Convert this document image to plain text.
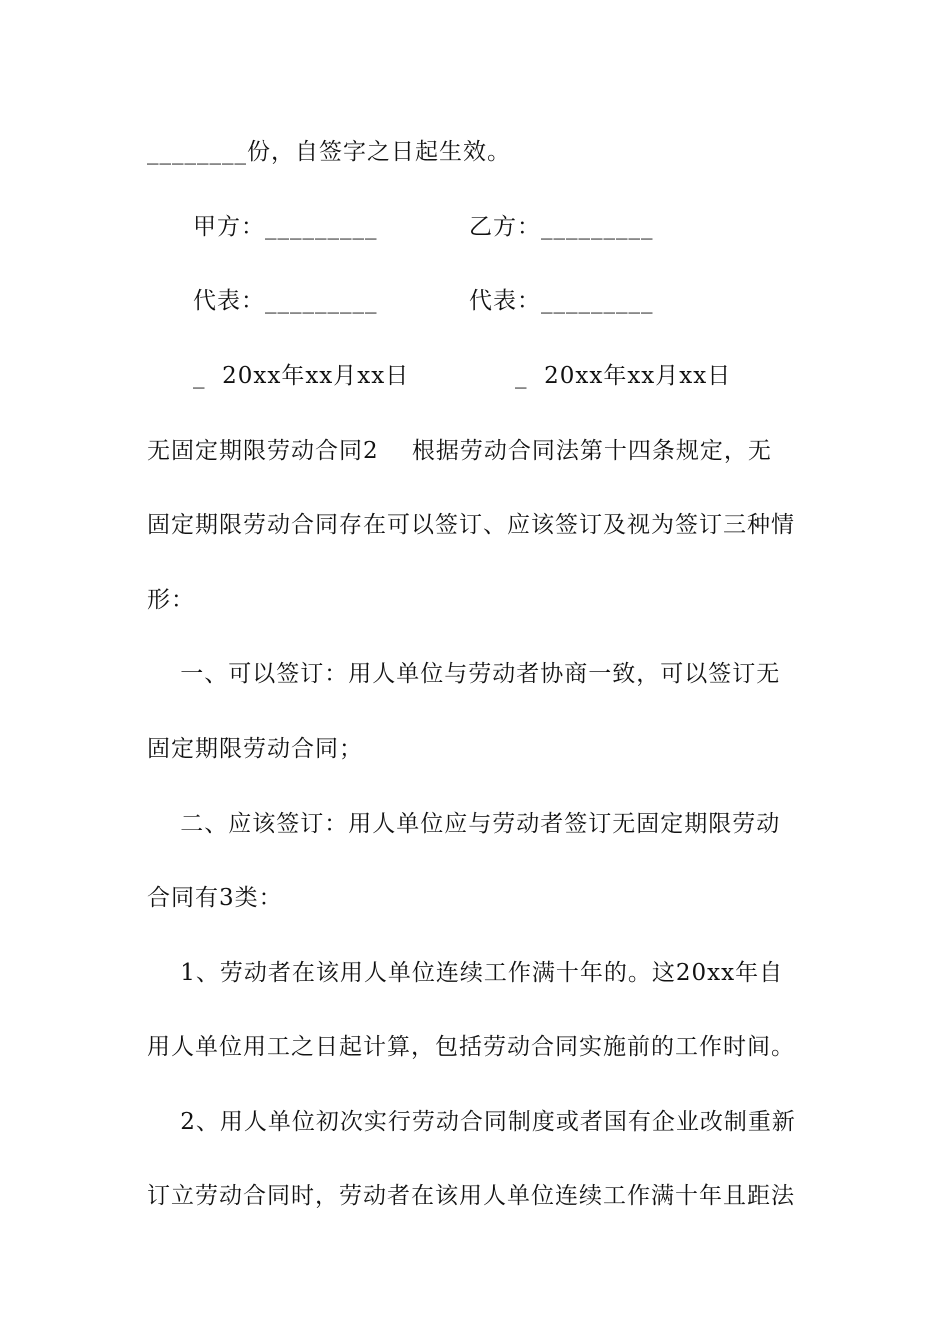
________份，自签字之日起生效。
甲方：_________	乙方：_________
代表：_________	代表：_________
_  20xx年xx月xx日	_  20xx年xx月xx日
无固定期限劳动合同2    根据劳动合同法第十四条规定，无
固定期限劳动合同存在可以签订、应该签订及视为签订三种情
形：
一、可以签订：用人单位与劳动者协商一致，可以签订无
固定期限劳动合同；
二、应该签订：用人单位应与劳动者签订无固定期限劳动
合同有3类：
1、劳动者在该用人单位连续工作满十年的。这20xx年自
用人单位用工之日起计算，包括劳动合同实施前的工作时间。
2、用人单位初次实行劳动合同制度或者国有企业改制重新
订立劳动合同时，劳动者在该用人单位连续工作满十年且距法
